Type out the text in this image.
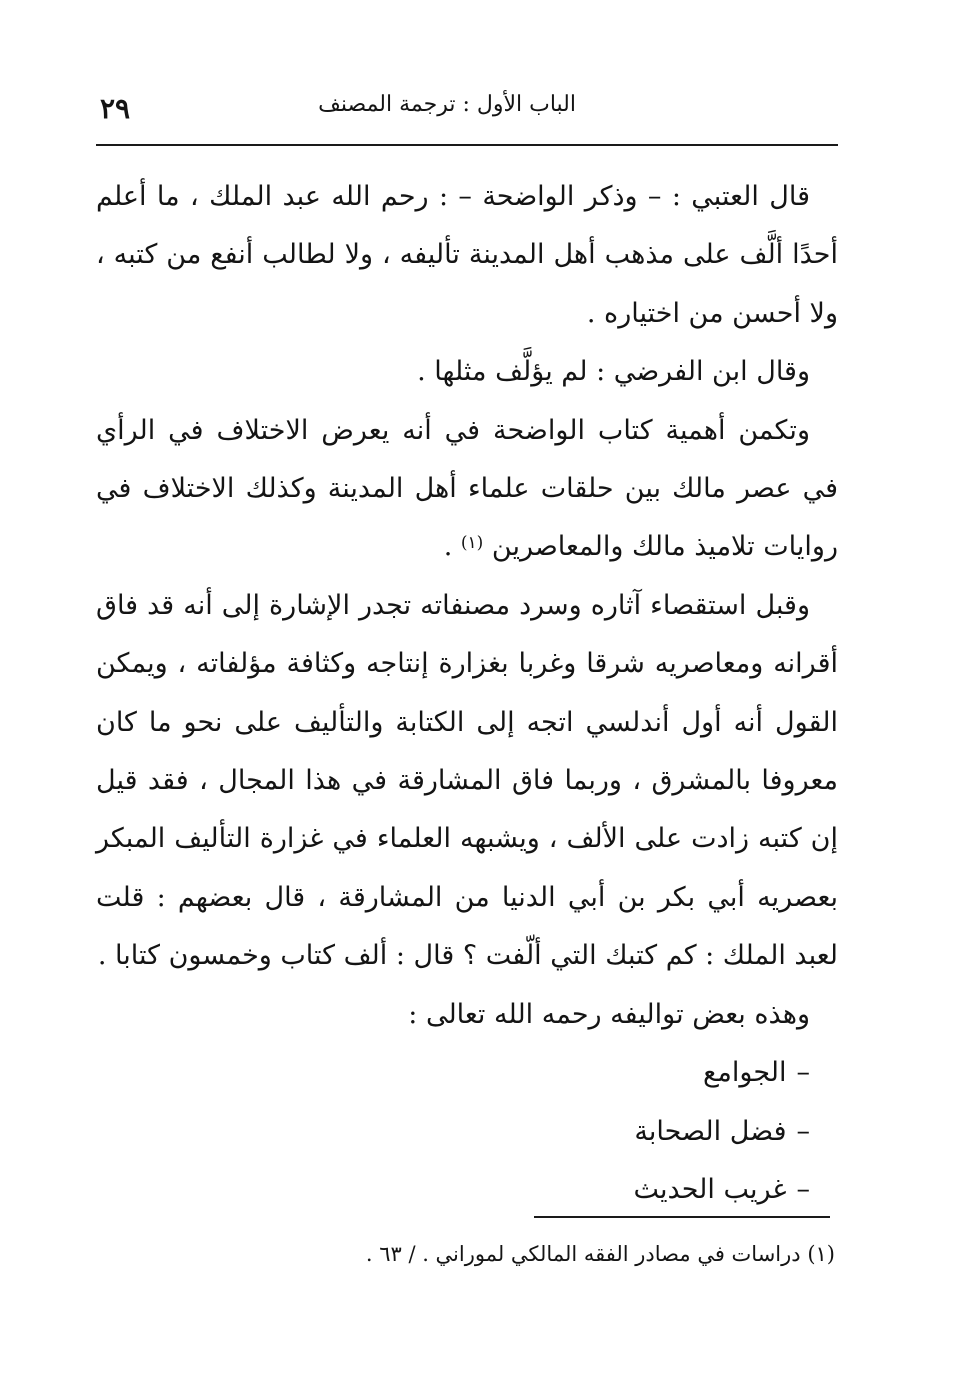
الباب الأول : ترجمة المصنف
٢٩

قال العتبي : – وذكر الواضحة – : رحم الله عبد الملك ، ما أعلم أحدًا ألَّف على مذهب أهل المدينة تأليفه ، ولا لطالب أنفع من كتبه ، ولا أحسن من اختياره .

وقال ابن الفرضي : لم يؤلَّف مثلها .

وتكمن أهمية كتاب الواضحة في أنه يعرض الاختلاف في الرأي في عصر مالك بين حلقات علماء أهل المدينة وكذلك الاختلاف في روايات تلاميذ مالك والمعاصرين $^{(١)}$ .

وقبل استقصاء آثاره وسرد مصنفاته تجدر الإشارة إلى أنه قد فاق أقرانه ومعاصريه شرقا وغربا بغزارة إنتاجه وكثافة مؤلفاته ، ويمكن القول أنه أول أندلسي اتجه إلى الكتابة والتأليف على نحو ما كان معروفا بالمشرق ، وربما فاق المشارقة في هذا المجال ، فقد قيل إن كتبه زادت على الألف ، ويشبهه العلماء في غزارة التأليف المبكر بعصريه أبي بكر بن أبي الدنيا من المشارقة ، قال بعضهم : قلت لعبد الملك : كم كتبك التي ألّفت ؟ قال : ألف كتاب وخمسون كتابا .

وهذه بعض تواليفه رحمه الله تعالى :

–الجوامع

–فضل الصحابة

–غريب الحديث

(١) دراسات في مصادر الفقه المالكي لموراني . / ٦٣ .
